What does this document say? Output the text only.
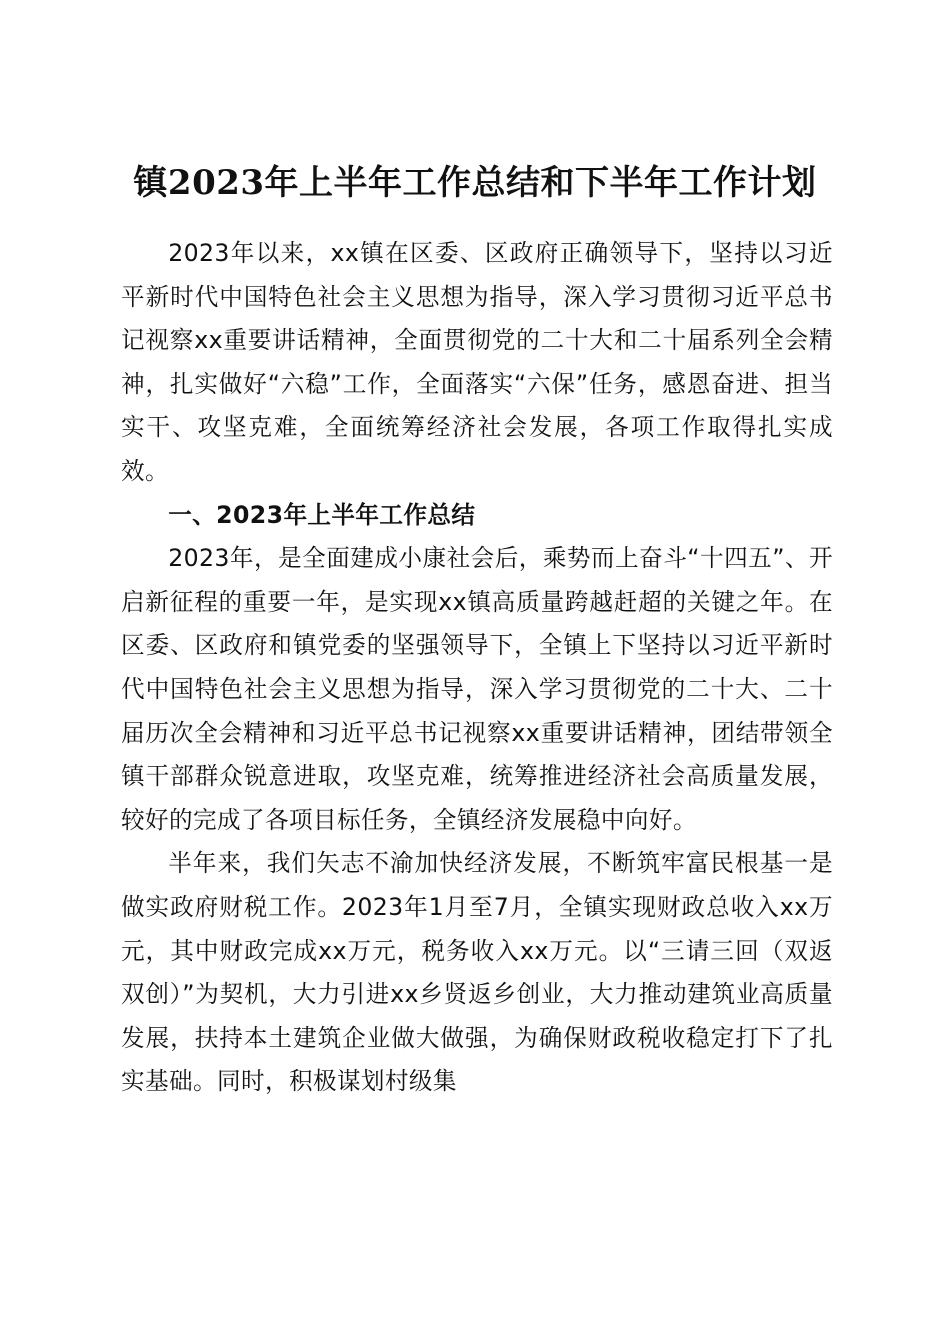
镇2023年上半年工作总结和下半年工作计划

2023年以来，xx镇在区委、区政府正确领导下，坚持以习近平新时代中国特色社会主义思想为指导，深入学习贯彻习近平总书记视察xx重要讲话精神，全面贯彻党的二十大和二十届系列全会精神，扎实做好“六稳”工作，全面落实“六保”任务，感恩奋进、担当实干、攻坚克难，全面统筹经济社会发展，各项工作取得扎实成效。

一、2023年上半年工作总结

2023年，是全面建成小康社会后，乘势而上奋斗“十四五”、开启新征程的重要一年，是实现xx镇高质量跨越赶超的关键之年。在区委、区政府和镇党委的坚强领导下，全镇上下坚持以习近平新时代中国特色社会主义思想为指导，深入学习贯彻党的二十大、二十届历次全会精神和习近平总书记视察xx重要讲话精神，团结带领全镇干部群众锐意进取，攻坚克难，统筹推进经济社会高质量发展，较好的完成了各项目标任务，全镇经济发展稳中向好。

半年来，我们矢志不渝加快经济发展，不断筑牢富民根基一是做实政府财税工作。2023年1月至7月，全镇实现财政总收入xx万元，其中财政完成xx万元，税务收入xx万元。以“三请三回（双返双创）”为契机，大力引进xx乡贤返乡创业，大力推动建筑业高质量发展，扶持本土建筑企业做大做强，为确保财政税收稳定打下了扎实基础。同时，积极谋划村级集
